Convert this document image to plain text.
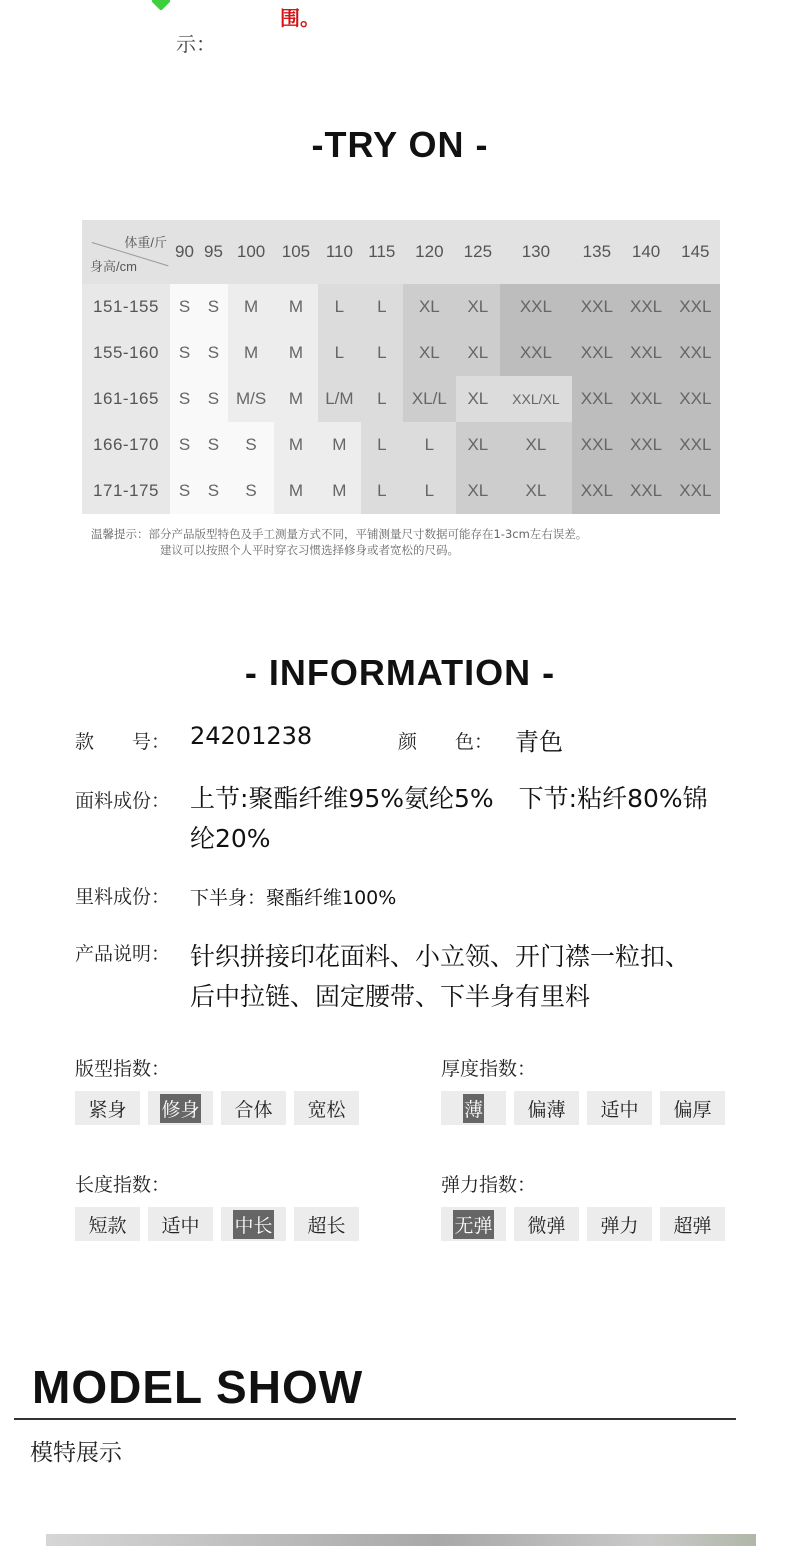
围。
示：
-TRY ON -
体重/斤
身高/cm	90	95	100	105	110	115	120	125	130	135	140	145
151-155	S	S	M	M	L	L	XL	XL	XXL	XXL	XXL	XXL
155-160	S	S	M	M	L	L	XL	XL	XXL	XXL	XXL	XXL
161-165	S	S	M/S	M	L/M	L	XL/L	XL	XXL/XL	XXL	XXL	XXL
166-170	S	S	S	M	M	L	L	XL	XL	XXL	XXL	XXL
171-175	S	S	S	M	M	L	L	XL	XL	XXL	XXL	XXL
温馨提示：部分产品版型特色及手工测量方式不同，平铺测量尺寸数据可能存在1-3cm左右误差。
建议可以按照个人平时穿衣习惯选择修身或者宽松的尺码。
- INFORMATION -
款　　号： 24201238	颜　　色： 青色
面料成份： 上节:聚酯纤维95%氨纶5%　下节:粘纤80%锦
纶20%
里料成份： 下半身：聚酯纤维100%
产品说明： 针织拼接印花面料、小立领、开门襟一粒扣、
后中拉链、固定腰带、下半身有里料
版型指数：
紧身 修身 合体 宽松
厚度指数：
薄 偏薄 适中 偏厚
长度指数：
短款 适中 中长 超长
弹力指数：
无弹 微弹 弹力 超弹
MODEL SHOW
模特展示
